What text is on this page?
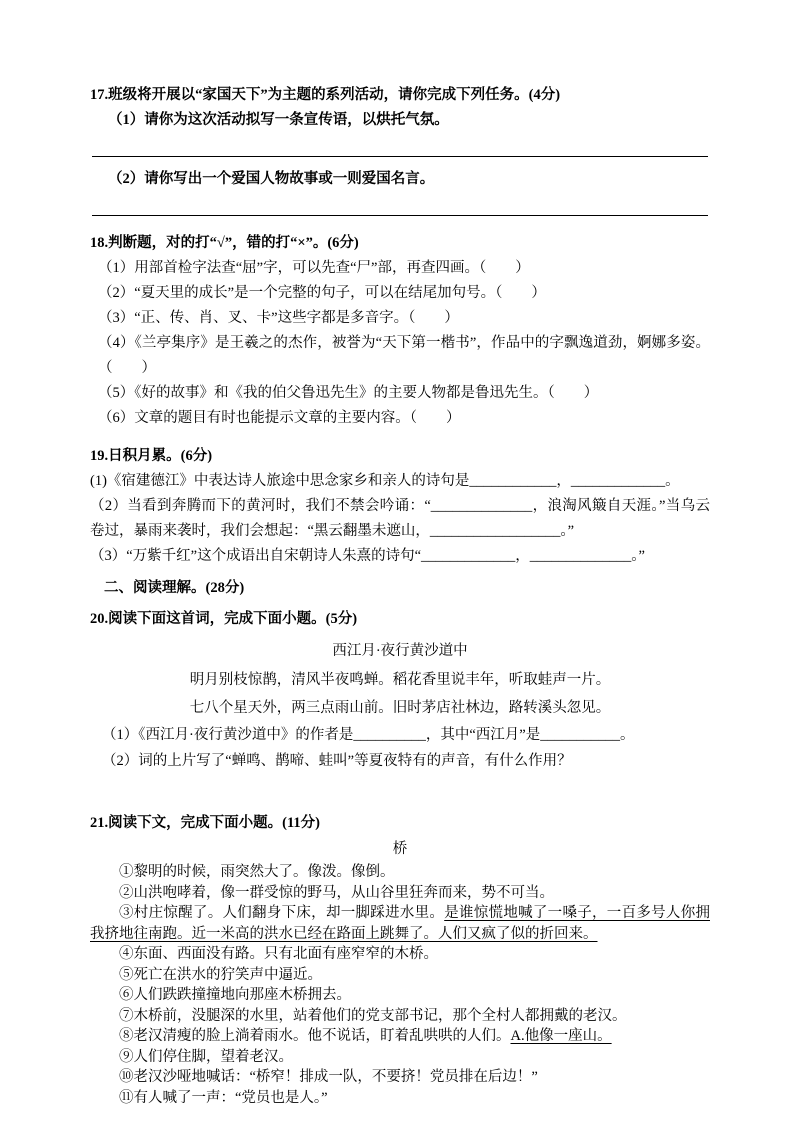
17.班级将开展以“家国天下”为主题的系列活动，请你完成下列任务。(4分)

（1）请你为这次活动拟写一条宣传语，以烘托气氛。

（2）请你写出一个爱国人物故事或一则爱国名言。

18.判断题，对的打“√”，错的打“×”。(6分)

（1）用部首检字法查“屈”字，可以先查“尸”部，再查四画。（　　）

（2）“夏天里的成长”是一个完整的句子，可以在结尾加句号。（　　）

（3）“正、传、肖、叉、卡”这些字都是多音字。（　　）

（4）《兰亭集序》是王羲之的杰作，被誉为“天下第一楷书”，作品中的字飘逸道劲，婀娜多姿。（　　）

（5）《好的故事》和《我的伯父鲁迅先生》的主要人物都是鲁迅先生。（　　）

（6）文章的题目有时也能提示文章的主要内容。（　　）

19.日积月累。(6分)

(1)《宿建德江》中表达诗人旅途中思念家乡和亲人的诗句是____________，_____________。

（2）当看到奔腾而下的黄河时，我们不禁会吟诵：“______________，浪淘风簸自天涯。”当乌云卷过，暴雨来袭时，我们会想起：“黑云翻墨未遮山，__________________。”

（3）“万紫千红”这个成语出自宋朝诗人朱熹的诗句“_____________，______________。”

二、阅读理解。(28分)

20.阅读下面这首词，完成下面小题。(5分)

西江月·夜行黄沙道中

明月别枝惊鹊，清风半夜鸣蝉。稻花香里说丰年，听取蛙声一片。

七八个星天外，两三点雨山前。旧时茅店社林边，路转溪头忽见。

（1）《西江月·夜行黄沙道中》的作者是__________，其中“西江月”是___________。

（2）词的上片写了“蝉鸣、鹊啼、蛙叫”等夏夜特有的声音，有什么作用？

21.阅读下文，完成下面小题。(11分)

桥

①黎明的时候，雨突然大了。像泼。像倒。

②山洪咆哮着，像一群受惊的野马，从山谷里狂奔而来，势不可当。

③村庄惊醒了。人们翻身下床，却一脚踩进水里。是谁惊慌地喊了一嗓子，一百多号人你拥我挤地往南跑。近一米高的洪水已经在路面上跳舞了。人们又疯了似的折回来。

④东面、西面没有路。只有北面有座窄窄的木桥。

⑤死亡在洪水的狞笑声中逼近。

⑥人们跌跌撞撞地向那座木桥拥去。

⑦木桥前，没腿深的水里，站着他们的党支部书记，那个全村人都拥戴的老汉。

⑧老汉清瘦的脸上淌着雨水。他不说话，盯着乱哄哄的人们。A.他像一座山。

⑨人们停住脚，望着老汉。

⑩老汉沙哑地喊话：“桥窄！排成一队，不要挤！党员排在后边！”

⑪有人喊了一声：“党员也是人。”
